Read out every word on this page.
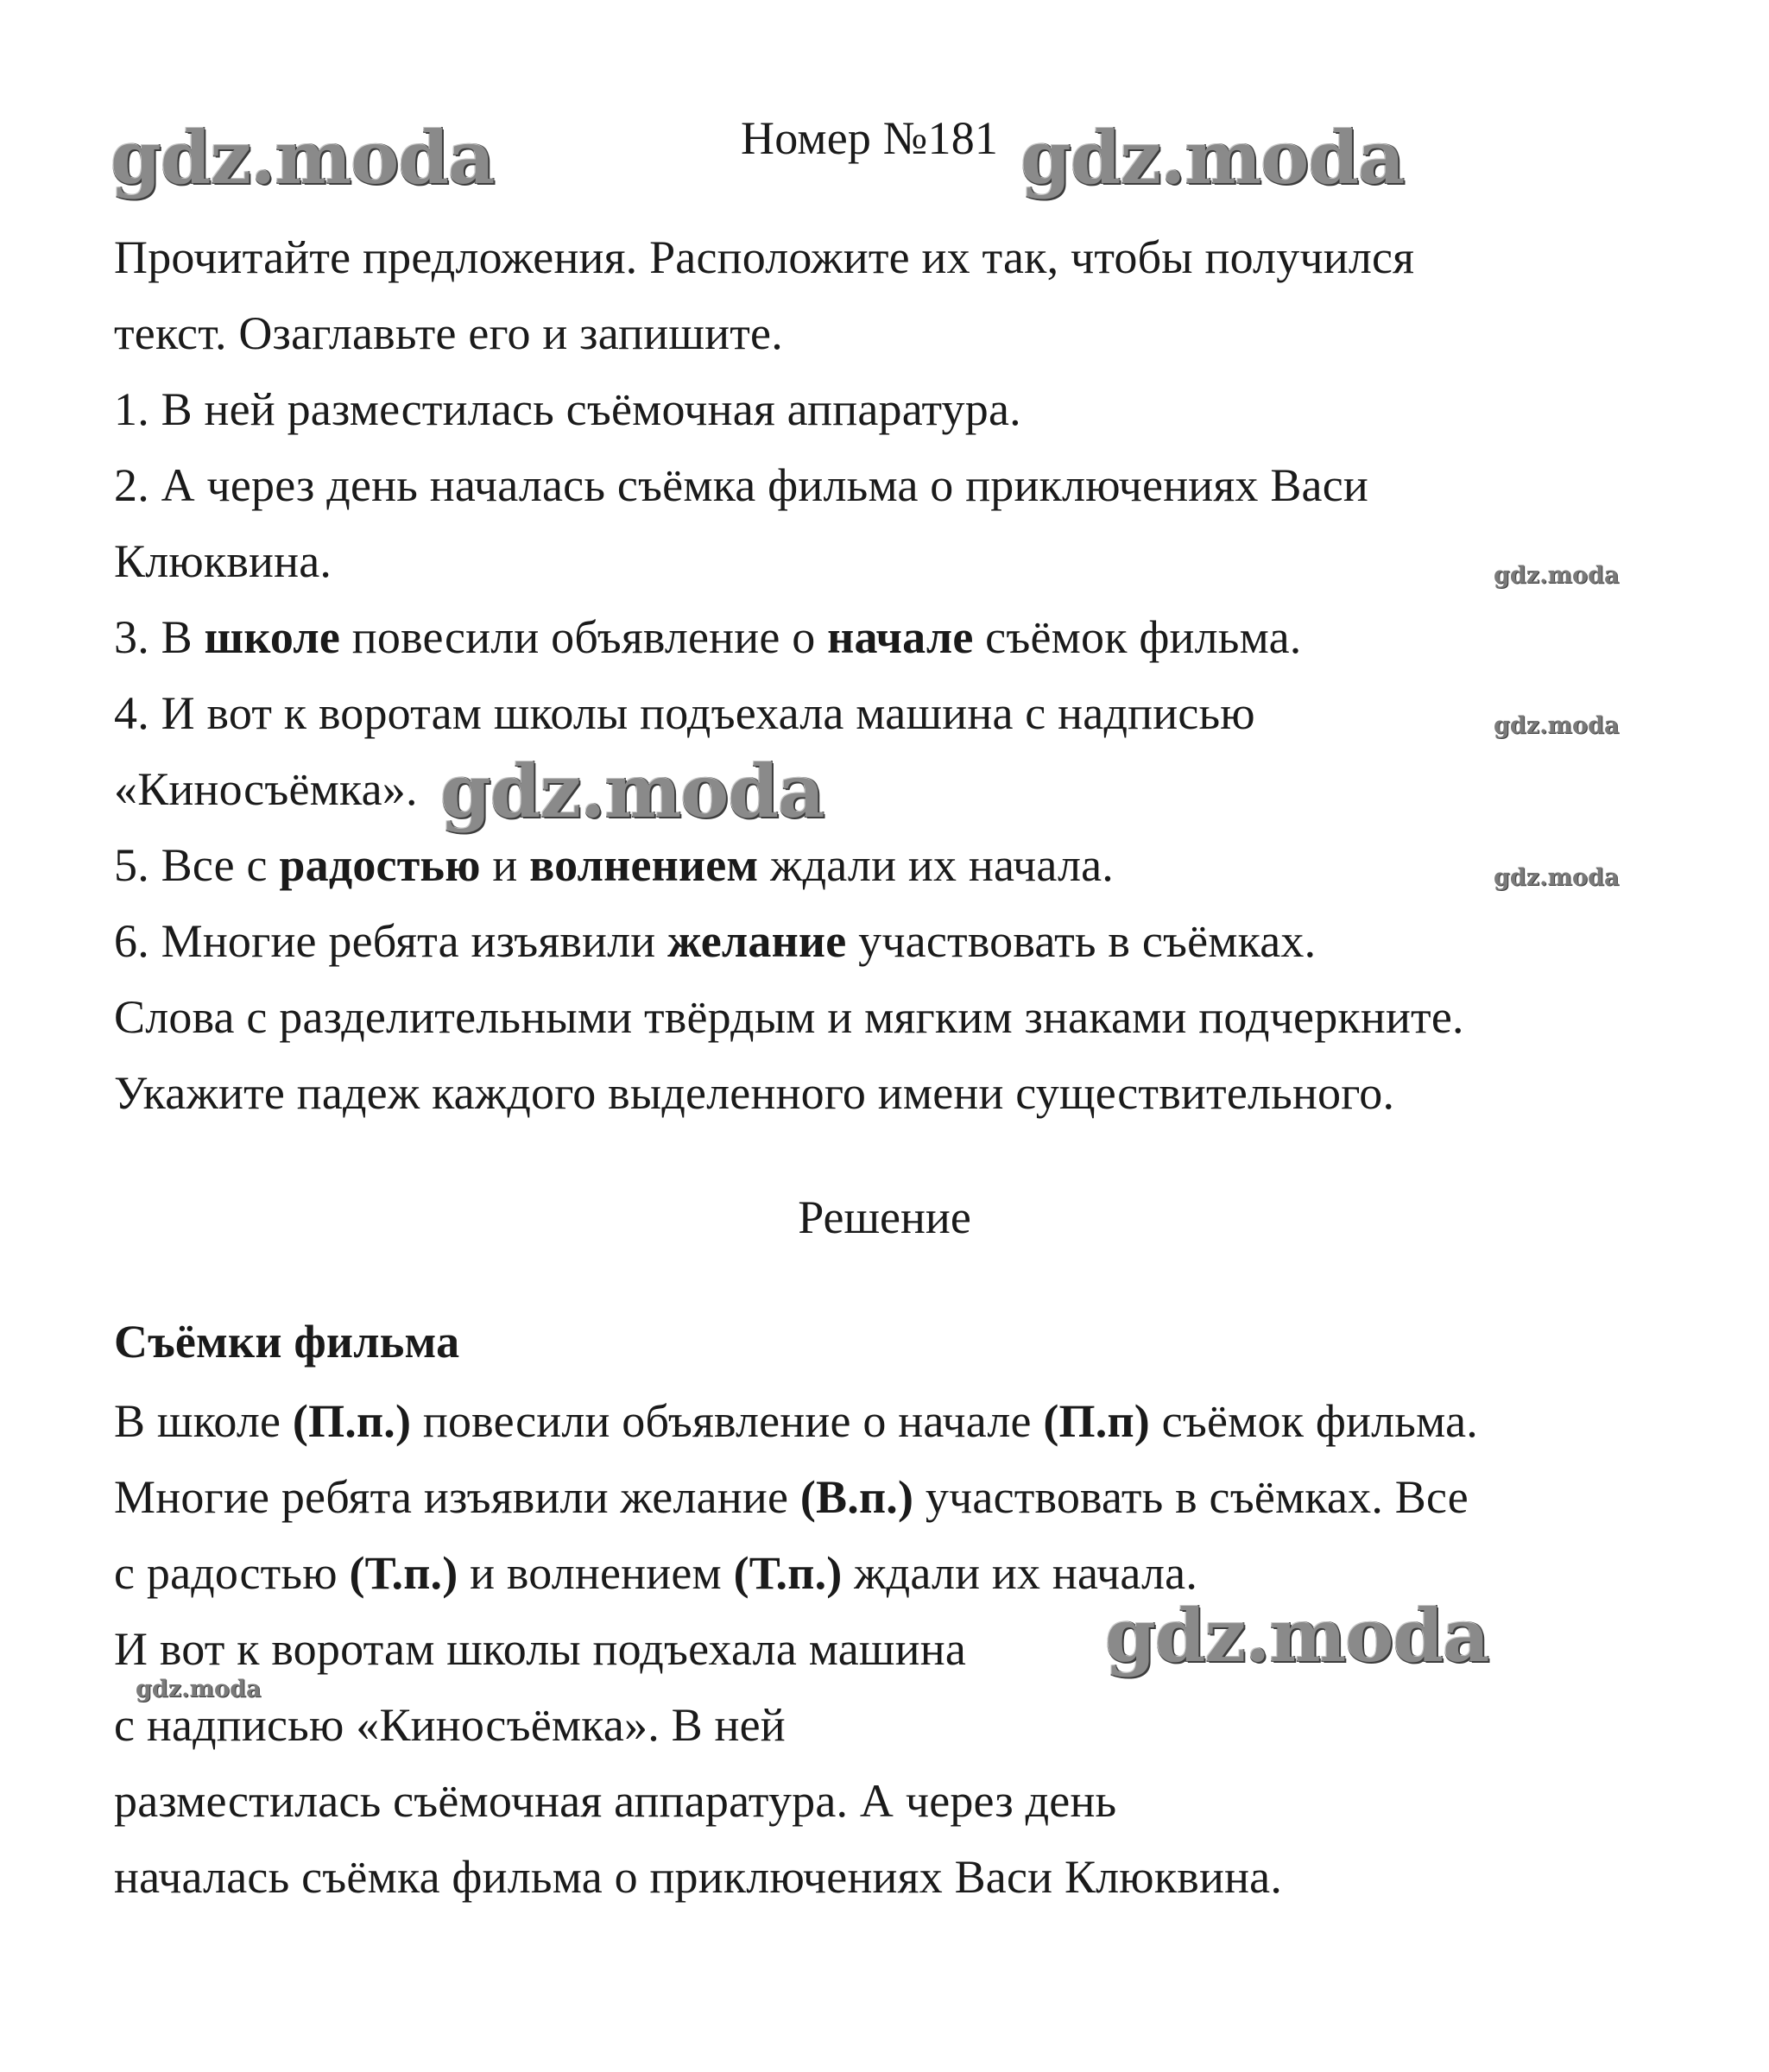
gdz.moda	gdz.moda
gdz.moda
gdz.moda
gdz.moda
gdz.moda
gdz.moda
gdz.moda
Номер №181
Прочитайте предложения. Расположите их так, чтобы получился
текст. Озаглавьте его и запишите.
1. В ней разместилась съёмочная аппаратура.
2. А через день началась съёмка фильма о приключениях Васи
Клюквина.
3. В школе повесили объявление о начале съёмок фильма.
4. И вот к воротам школы подъехала машина с надписью
«Киносъёмка».
5. Все с радостью и волнением ждали их начала.
6. Многие ребята изъявили желание участвовать в съёмках.
Слова с разделительными твёрдым и мягким знаками подчеркните.
Укажите падеж каждого выделенного имени существительного.
Решение
Съёмки фильма
В школе (П.п.) повесили объявление о начале (П.п) съёмок фильма.
Многие ребята изъявили желание (В.п.) участвовать в съёмках. Все
с радостью (Т.п.) и волнением (Т.п.) ждали их начала.
И вот к воротам школы подъехала машина
с надписью «Киносъёмка». В ней
разместилась съёмочная аппаратура. А через день
началась съёмка фильма о приключениях Васи Клюквина.
